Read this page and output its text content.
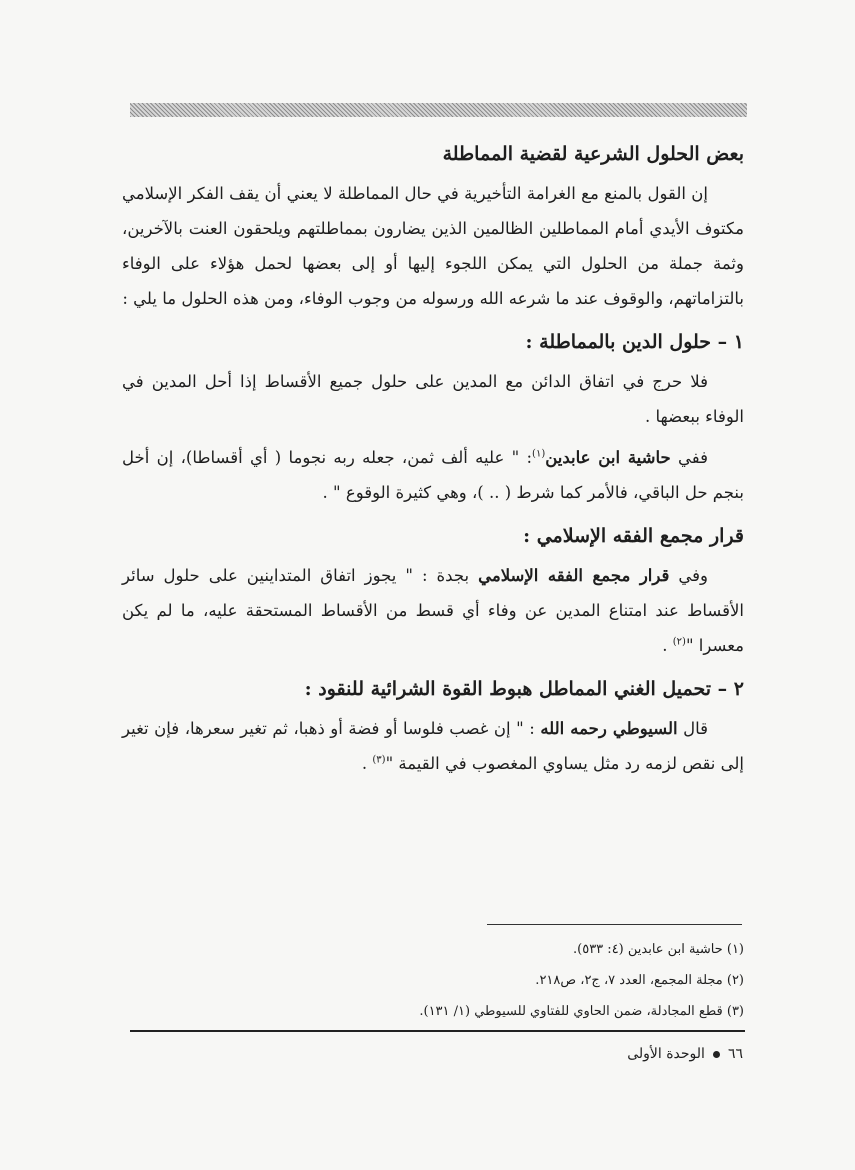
بعض الحلول الشرعية لقضية المماطلة

إن القول بالمنع مع الغرامة التأخيرية في حال المماطلة لا يعني أن يقف الفكر الإسلامي مكتوف الأيدي أمام المماطلين الظالمين الذين يضارون بمماطلتهم ويلحقون العنت بالآخرين، وثمة جملة من الحلول التي يمكن اللجوء إليها أو إلى بعضها لحمل هؤلاء على الوفاء بالتزاماتهم، والوقوف عند ما شرعه الله ورسوله من وجوب الوفاء، ومن هذه الحلول ما يلي :

١ – حلول الدين بالمماطلة :

فلا حرج في اتفاق الدائن مع المدين على حلول جميع الأقساط إذا أحل المدين في الوفاء ببعضها .

ففي حاشية ابن عابدين$^{(١)}$: " عليه ألف ثمن، جعله ربه نجوما ( أي أقساطا)، إن أخل بنجم حل الباقي، فالأمر كما شرط ( .. )، وهي كثيرة الوقوع " .

قرار مجمع الفقه الإسلامي :

وفي قرار مجمع الفقه الإسلامي بجدة : " يجوز اتفاق المتداينين على حلول سائر الأقساط عند امتناع المدين عن وفاء أي قسط من الأقساط المستحقة عليه، ما لم يكن معسرا "$^{(٢)}$ .

٢ – تحميل الغني المماطل هبوط القوة الشرائية للنقود :

قال السيوطي رحمه الله : " إن غصب فلوسا أو فضة أو ذهبا، ثم تغير سعرها، فإن تغير إلى نقص لزمه رد مثل يساوي المغصوب في القيمة "$^{(٣)}$ .

(١) حاشية ابن عابدين (٤: ٥٣٣).
(٢) مجلة المجمع، العدد ٧، ج٢، ص٢١٨.
(٣) قطع المجادلة، ضمن الحاوي للفتاوي للسيوطي (١/ ١٣١).
٦٦الوحدة الأولى
